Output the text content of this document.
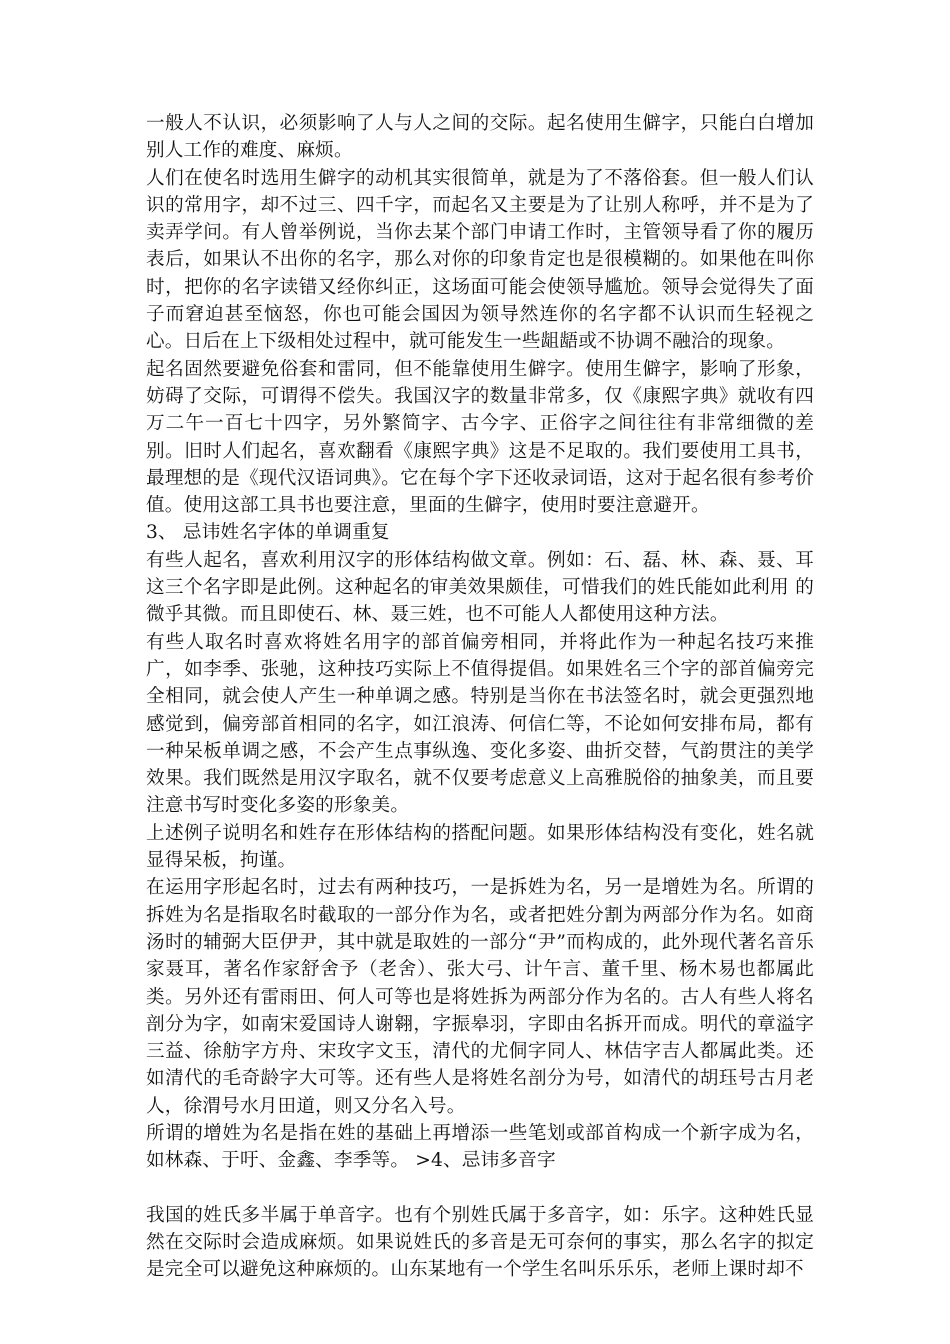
一般人不认识，必须影响了人与人之间的交际。起名使用生僻字，只能白白增加别人工作的难度、麻烦。

人们在使名时选用生僻字的动机其实很简单，就是为了不落俗套。但一般人们认识的常用字，却不过三、四千字，而起名又主要是为了让别人称呼，并不是为了卖弄学问。有人曾举例说，当你去某个部门申请工作时，主管领导看了你的履历表后，如果认不出你的名字，那么对你的印象肯定也是很模糊的。如果他在叫你时，把你的名字读错又经你纠正，这场面可能会使领导尴尬。领导会觉得失了面子而窘迫甚至恼怒，你也可能会国因为领导然连你的名字都不认识而生轻视之心。日后在上下级相处过程中，就可能发生一些龃龉或不协调不融洽的现象。

起名固然要避免俗套和雷同，但不能靠使用生僻字。使用生僻字，影响了形象，妨碍了交际，可谓得不偿失。我国汉字的数量非常多，仅《康熙字典》就收有四万二午一百七十四字，另外繁简字、古今字、正俗字之间往往有非常细微的差别。旧时人们起名，喜欢翻看《康熙字典》这是不足取的。我们要使用工具书，最理想的是《现代汉语词典》。它在每个字下还收录词语，这对于起名很有参考价值。使用这部工具书也要注意，里面的生僻字，使用时要注意避开。

3、 忌讳姓名字体的单调重复

有些人起名，喜欢利用汉字的形体结构做文章。例如：石、磊、林、森、聂、耳这三个名字即是此例。这种起名的审美效果颇佳，可惜我们的姓氏能如此利用 的微乎其微。而且即使石、林、聂三姓，也不可能人人都使用这种方法。

有些人取名时喜欢将姓名用字的部首偏旁相同，并将此作为一种起名技巧来推广，如李季、张驰，这种技巧实际上不值得提倡。如果姓名三个字的部首偏旁完全相同，就会使人产生一种单调之感。特别是当你在书法签名时，就会更强烈地感觉到，偏旁部首相同的名字，如江浪涛、何信仁等，不论如何安排布局，都有一种呆板单调之感，不会产生点事纵逸、变化多姿、曲折交替，气韵贯注的美学效果。我们既然是用汉字取名，就不仅要考虑意义上高雅脱俗的抽象美，而且要注意书写时变化多姿的形象美。

上述例子说明名和姓存在形体结构的搭配问题。如果形体结构没有变化，姓名就显得呆板，拘谨。

在运用字形起名时，过去有两种技巧，一是拆姓为名，另一是增姓为名。所谓的拆姓为名是指取名时截取的一部分作为名，或者把姓分割为两部分作为名。如商汤时的辅弼大臣伊尹，其中就是取姓的一部分“尹”而构成的，此外现代著名音乐家聂耳，著名作家舒舍予（老舍）、张大弓、计午言、董千里、杨木易也都属此类。另外还有雷雨田、何人可等也是将姓拆为两部分作为名的。古人有些人将名剖分为字，如南宋爱国诗人谢翱，字振皋羽，字即由名拆开而成。明代的章溢字三益、徐舫字方舟、宋玫字文玉，清代的尤侗字同人、林佶字吉人都属此类。还如清代的毛奇龄字大可等。还有些人是将姓名剖分为号，如清代的胡珏号古月老人，徐渭号水月田道，则又分名入号。

所谓的增姓为名是指在姓的基础上再增添一些笔划或部首构成一个新字成为名，如林森、于吁、金鑫、李季等。 >4、忌讳多音字

我国的姓氏多半属于单音字。也有个别姓氏属于多音字，如：乐字。这种姓氏显然在交际时会造成麻烦。如果说姓氏的多音是无可奈何的事实，那么名字的拟定是完全可以避免这种麻烦的。山东某地有一个学生名叫乐乐乐，老师上课时却不
